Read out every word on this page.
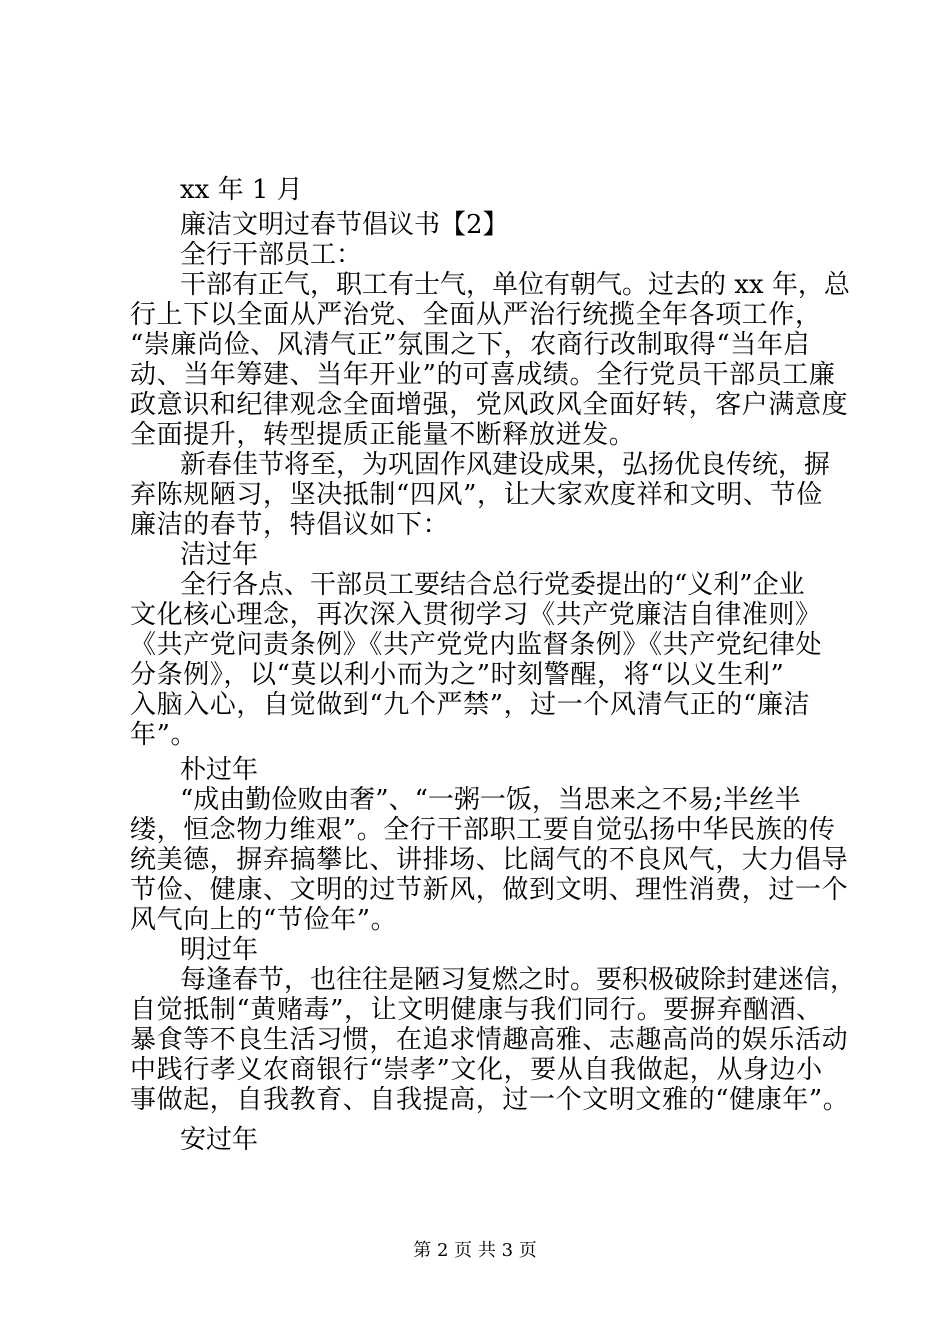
xx 年 1 月
廉洁文明过春节倡议书【2】
全行干部员工：
干部有正气，职工有士气，单位有朝气。过去的 xx 年，总
行上下以全面从严治党、全面从严治行统揽全年各项工作，
“崇廉尚俭、风清气正”氛围之下，农商行改制取得“当年启
动、当年筹建、当年开业”的可喜成绩。全行党员干部员工廉
政意识和纪律观念全面增强，党风政风全面好转，客户满意度
全面提升，转型提质正能量不断释放迸发。
新春佳节将至，为巩固作风建设成果，弘扬优良传统，摒
弃陈规陋习，坚决抵制“四风”，让大家欢度祥和文明、节俭
廉洁的春节，特倡议如下：
洁过年
全行各点、干部员工要结合总行党委提出的“义利”企业
文化核心理念，再次深入贯彻学习《共产党廉洁自律准则》
《共产党问责条例》《共产党党内监督条例》《共产党纪律处
分条例》，以“莫以利小而为之”时刻警醒，将“以义生利”
入脑入心，自觉做到“九个严禁”，过一个风清气正的“廉洁
年”。
朴过年
“成由勤俭败由奢”、“一粥一饭，当思来之不易;半丝半
缕，恒念物力维艰”。全行干部职工要自觉弘扬中华民族的传
统美德，摒弃搞攀比、讲排场、比阔气的不良风气，大力倡导
节俭、健康、文明的过节新风，做到文明、理性消费，过一个
风气向上的“节俭年”。
明过年
每逢春节，也往往是陋习复燃之时。要积极破除封建迷信，
自觉抵制“黄赌毒”，让文明健康与我们同行。要摒弃酗酒、
暴食等不良生活习惯，在追求情趣高雅、志趣高尚的娱乐活动
中践行孝义农商银行“崇孝”文化，要从自我做起，从身边小
事做起，自我教育、自我提高，过一个文明文雅的“健康年”。
安过年
第 2 页 共 3 页
